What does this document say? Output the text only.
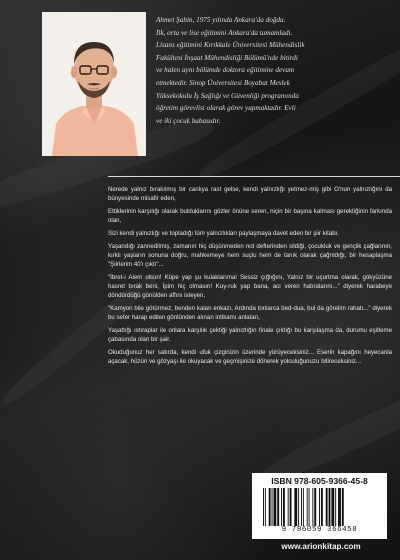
Ahmet Şahin, 1975 yılında Ankara'da doğdu.
İlk, orta ve lise eğitimini Ankara'da tamamladı.
Lisans eğitimini Kırıkkale Üniversitesi Mühendislik
Fakültesi İnşaat Mühendisliği Bölümü'nde bitirdi
ve halen aynı bölümde doktora eğitimine devam
etmektedir. Sinop Üniversitesi Boyabat Meslek
Yüksekokulu İş Sağlığı ve Güvenliği programında
öğretim görevlisi olarak görev yapmaktadır. Evli
ve iki çocuk babasıdır.

Nerede yalnız bırakılmış bir canlıya rast gelse, kendi yalnızlığı yetmez-miş gibi O'nun yalnızlığını da bünyesinde misafir eden,

Ettiklerinin karşılığı olarak bulduklarını gözler önüne seren, niçin bir başına kalması gerektiğinin farkında olan,

Sizi kendi yalnızlığı ve topladığı tüm yalnızlıkları paylaşmaya davet eden bir şiir kitabı.

Yaşandığı zannedilmiş, zamanın hiç düşünmeden not defterinden sildiği, çocukluk ve gençlik çağlarının, kırklı yaşların sonuna doğru, mahkemeye hem suçlu hem de tanık olarak çağrıldığı, bir hesaplaşma "Şiirlerim 40'ı çıktı"...

"İbret-i Alem olsun! Küpe yap şu kulaklarıma! Sessiz çığlığını, Yalnız bir uçurtma olarak, gökyüzüne hasret bırak beni, İpim hiç olmasın! Kuy-ruk yap bana, acı veren hatıralarını..." diyerek harabeye döndürdüğü gönülden affını isteyen,

"Kamyon bile götürmez, benden kalan enkazı, Ardında tonlarca bed-dua, bul da görelim rahatı..." diyerek bu sefer harap edilen gönlünden alınan intikamı anlatan,

Yaşattığı ıstıraplar ile onlara karşılık çektiği yalnızlığın finale çıktığı bu karşılaşma da, durumu eşitleme çabasında olan bir şair.

Okuduğunuz her satırda, kendi ufuk çizginizin üzerinde yürüyeceksiniz... Eserin kapağını heyecanla açacak, hüzün ve gözyaşı ile okuyacak ve geçmişinize dönerek yolculuğunuzu bitireceksiniz...

ISBN 978-605-9366-45-8
9 786059 366458
www.arionkitap.com
